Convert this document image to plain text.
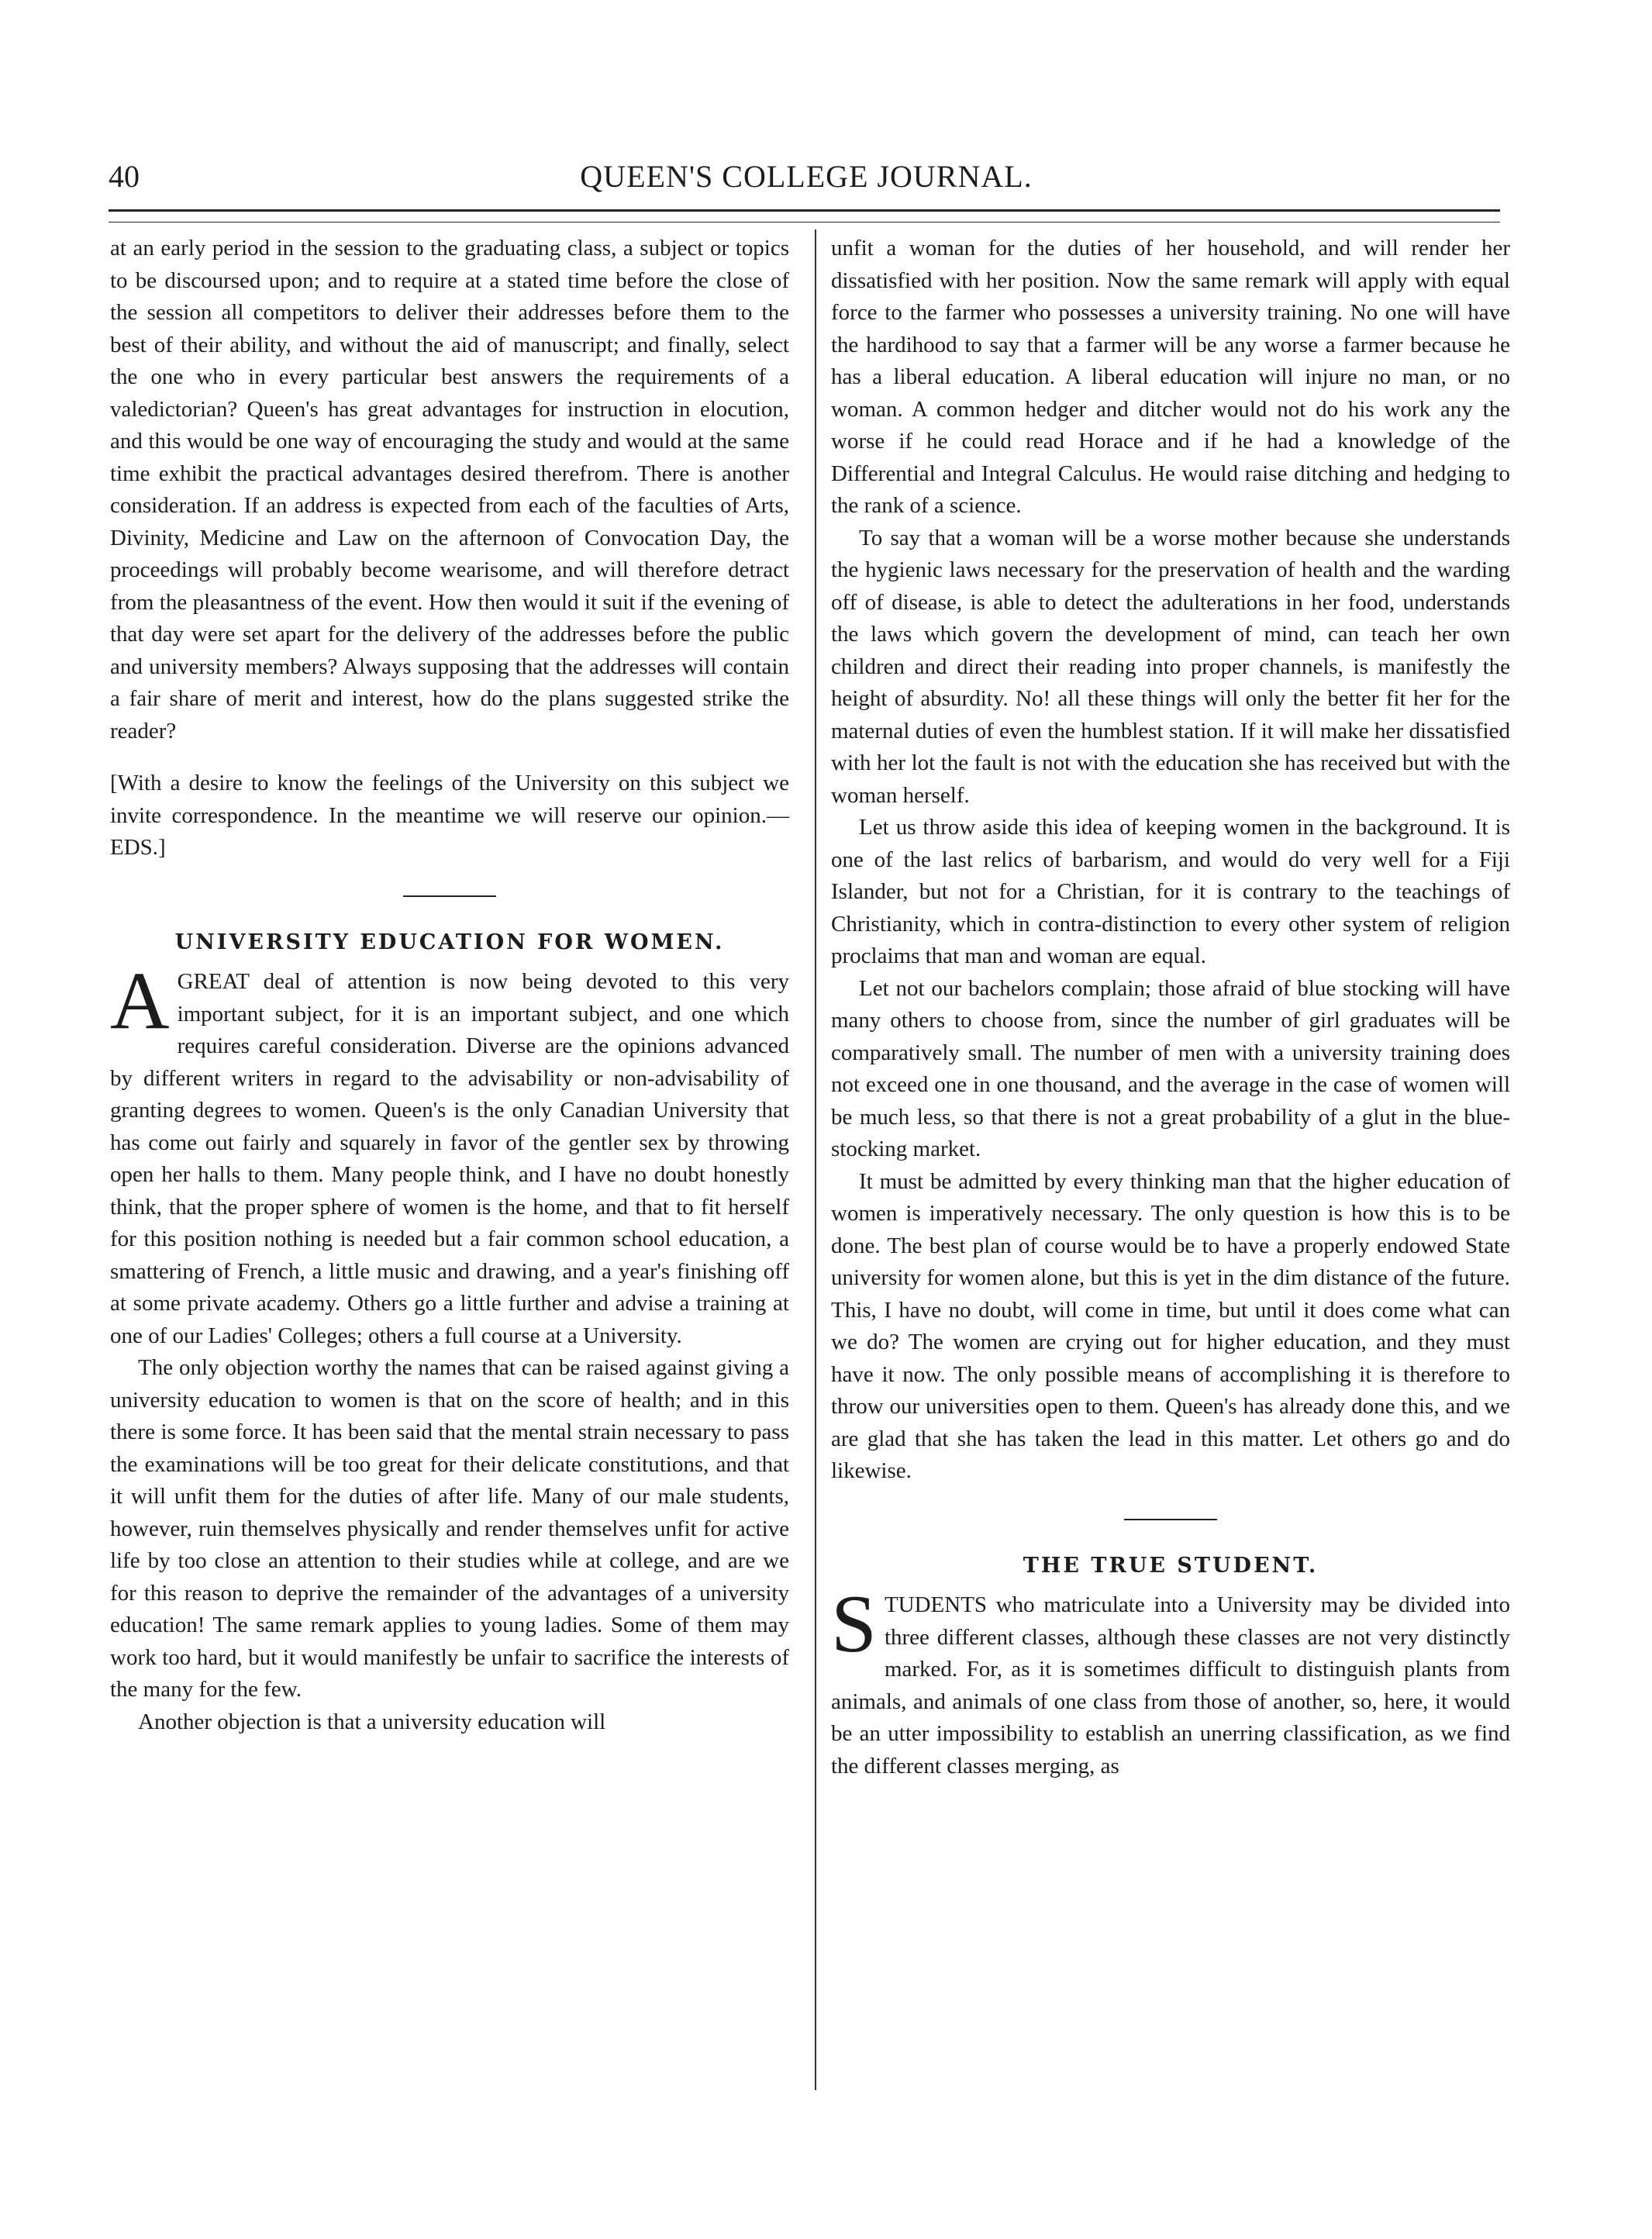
40	QUEEN'S COLLEGE JOURNAL.

at an early period in the session to the graduating class, a subject or topics to be discoursed upon; and to require at a stated time before the close of the session all competitors to deliver their addresses before them to the best of their ability, and without the aid of manuscript; and finally, select the one who in every particular best answers the requirements of a valedictorian? Queen's has great advantages for instruction in elocution, and this would be one way of encouraging the study and would at the same time exhibit the practical advantages desired therefrom. There is another consideration. If an address is expected from each of the faculties of Arts, Divinity, Medicine and Law on the afternoon of Convocation Day, the proceedings will probably become wearisome, and will therefore detract from the pleasantness of the event. How then would it suit if the evening of that day were set apart for the delivery of the addresses before the public and university members? Always supposing that the addresses will contain a fair share of merit and interest, how do the plans suggested strike the reader?

[With a desire to know the feelings of the University on this subject we invite correspondence. In the meantime we will reserve our opinion.—EDS.]

UNIVERSITY EDUCATION FOR WOMEN.

AGREAT deal of attention is now being devoted to this very important subject, for it is an important subject, and one which requires careful consideration. Diverse are the opinions advanced by different writers in regard to the advisability or non-advisability of granting degrees to women. Queen's is the only Canadian University that has come out fairly and squarely in favor of the gentler sex by throwing open her halls to them. Many people think, and I have no doubt honestly think, that the proper sphere of women is the home, and that to fit herself for this position nothing is needed but a fair common school education, a smattering of French, a little music and drawing, and a year's finishing off at some private academy. Others go a little further and advise a training at one of our Ladies' Colleges; others a full course at a University.

The only objection worthy the names that can be raised against giving a university education to women is that on the score of health; and in this there is some force. It has been said that the mental strain necessary to pass the examinations will be too great for their delicate constitutions, and that it will unfit them for the duties of after life. Many of our male students, however, ruin themselves physically and render themselves unfit for active life by too close an attention to their studies while at college, and are we for this reason to deprive the remainder of the advantages of a university education! The same remark applies to young ladies. Some of them may work too hard, but it would manifestly be unfair to sacrifice the interests of the many for the few.

Another objection is that a university education will

unfit a woman for the duties of her household, and will render her dissatisfied with her position. Now the same remark will apply with equal force to the farmer who possesses a university training. No one will have the hardihood to say that a farmer will be any worse a farmer because he has a liberal education. A liberal education will injure no man, or no woman. A common hedger and ditcher would not do his work any the worse if he could read Horace and if he had a knowledge of the Differential and Integral Calculus. He would raise ditching and hedging to the rank of a science.

To say that a woman will be a worse mother because she understands the hygienic laws necessary for the preservation of health and the warding off of disease, is able to detect the adulterations in her food, understands the laws which govern the development of mind, can teach her own children and direct their reading into proper channels, is manifestly the height of absurdity. No! all these things will only the better fit her for the maternal duties of even the humblest station. If it will make her dissatisfied with her lot the fault is not with the education she has received but with the woman herself.

Let us throw aside this idea of keeping women in the background. It is one of the last relics of barbarism, and would do very well for a Fiji Islander, but not for a Christian, for it is contrary to the teachings of Christianity, which in contra-distinction to every other system of religion proclaims that man and woman are equal.

Let not our bachelors complain; those afraid of blue stocking will have many others to choose from, since the number of girl graduates will be comparatively small. The number of men with a university training does not exceed one in one thousand, and the average in the case of women will be much less, so that there is not a great probability of a glut in the blue-stocking market.

It must be admitted by every thinking man that the higher education of women is imperatively necessary. The only question is how this is to be done. The best plan of course would be to have a properly endowed State university for women alone, but this is yet in the dim distance of the future. This, I have no doubt, will come in time, but until it does come what can we do? The women are crying out for higher education, and they must have it now. The only possible means of accomplishing it is therefore to throw our universities open to them. Queen's has already done this, and we are glad that she has taken the lead in this matter. Let others go and do likewise.

THE TRUE STUDENT.

STUDENTS who matriculate into a University may be divided into three different classes, although these classes are not very distinctly marked. For, as it is sometimes difficult to distinguish plants from animals, and animals of one class from those of another, so, here, it would be an utter impossibility to establish an unerring classification, as we find the different classes merging, as
